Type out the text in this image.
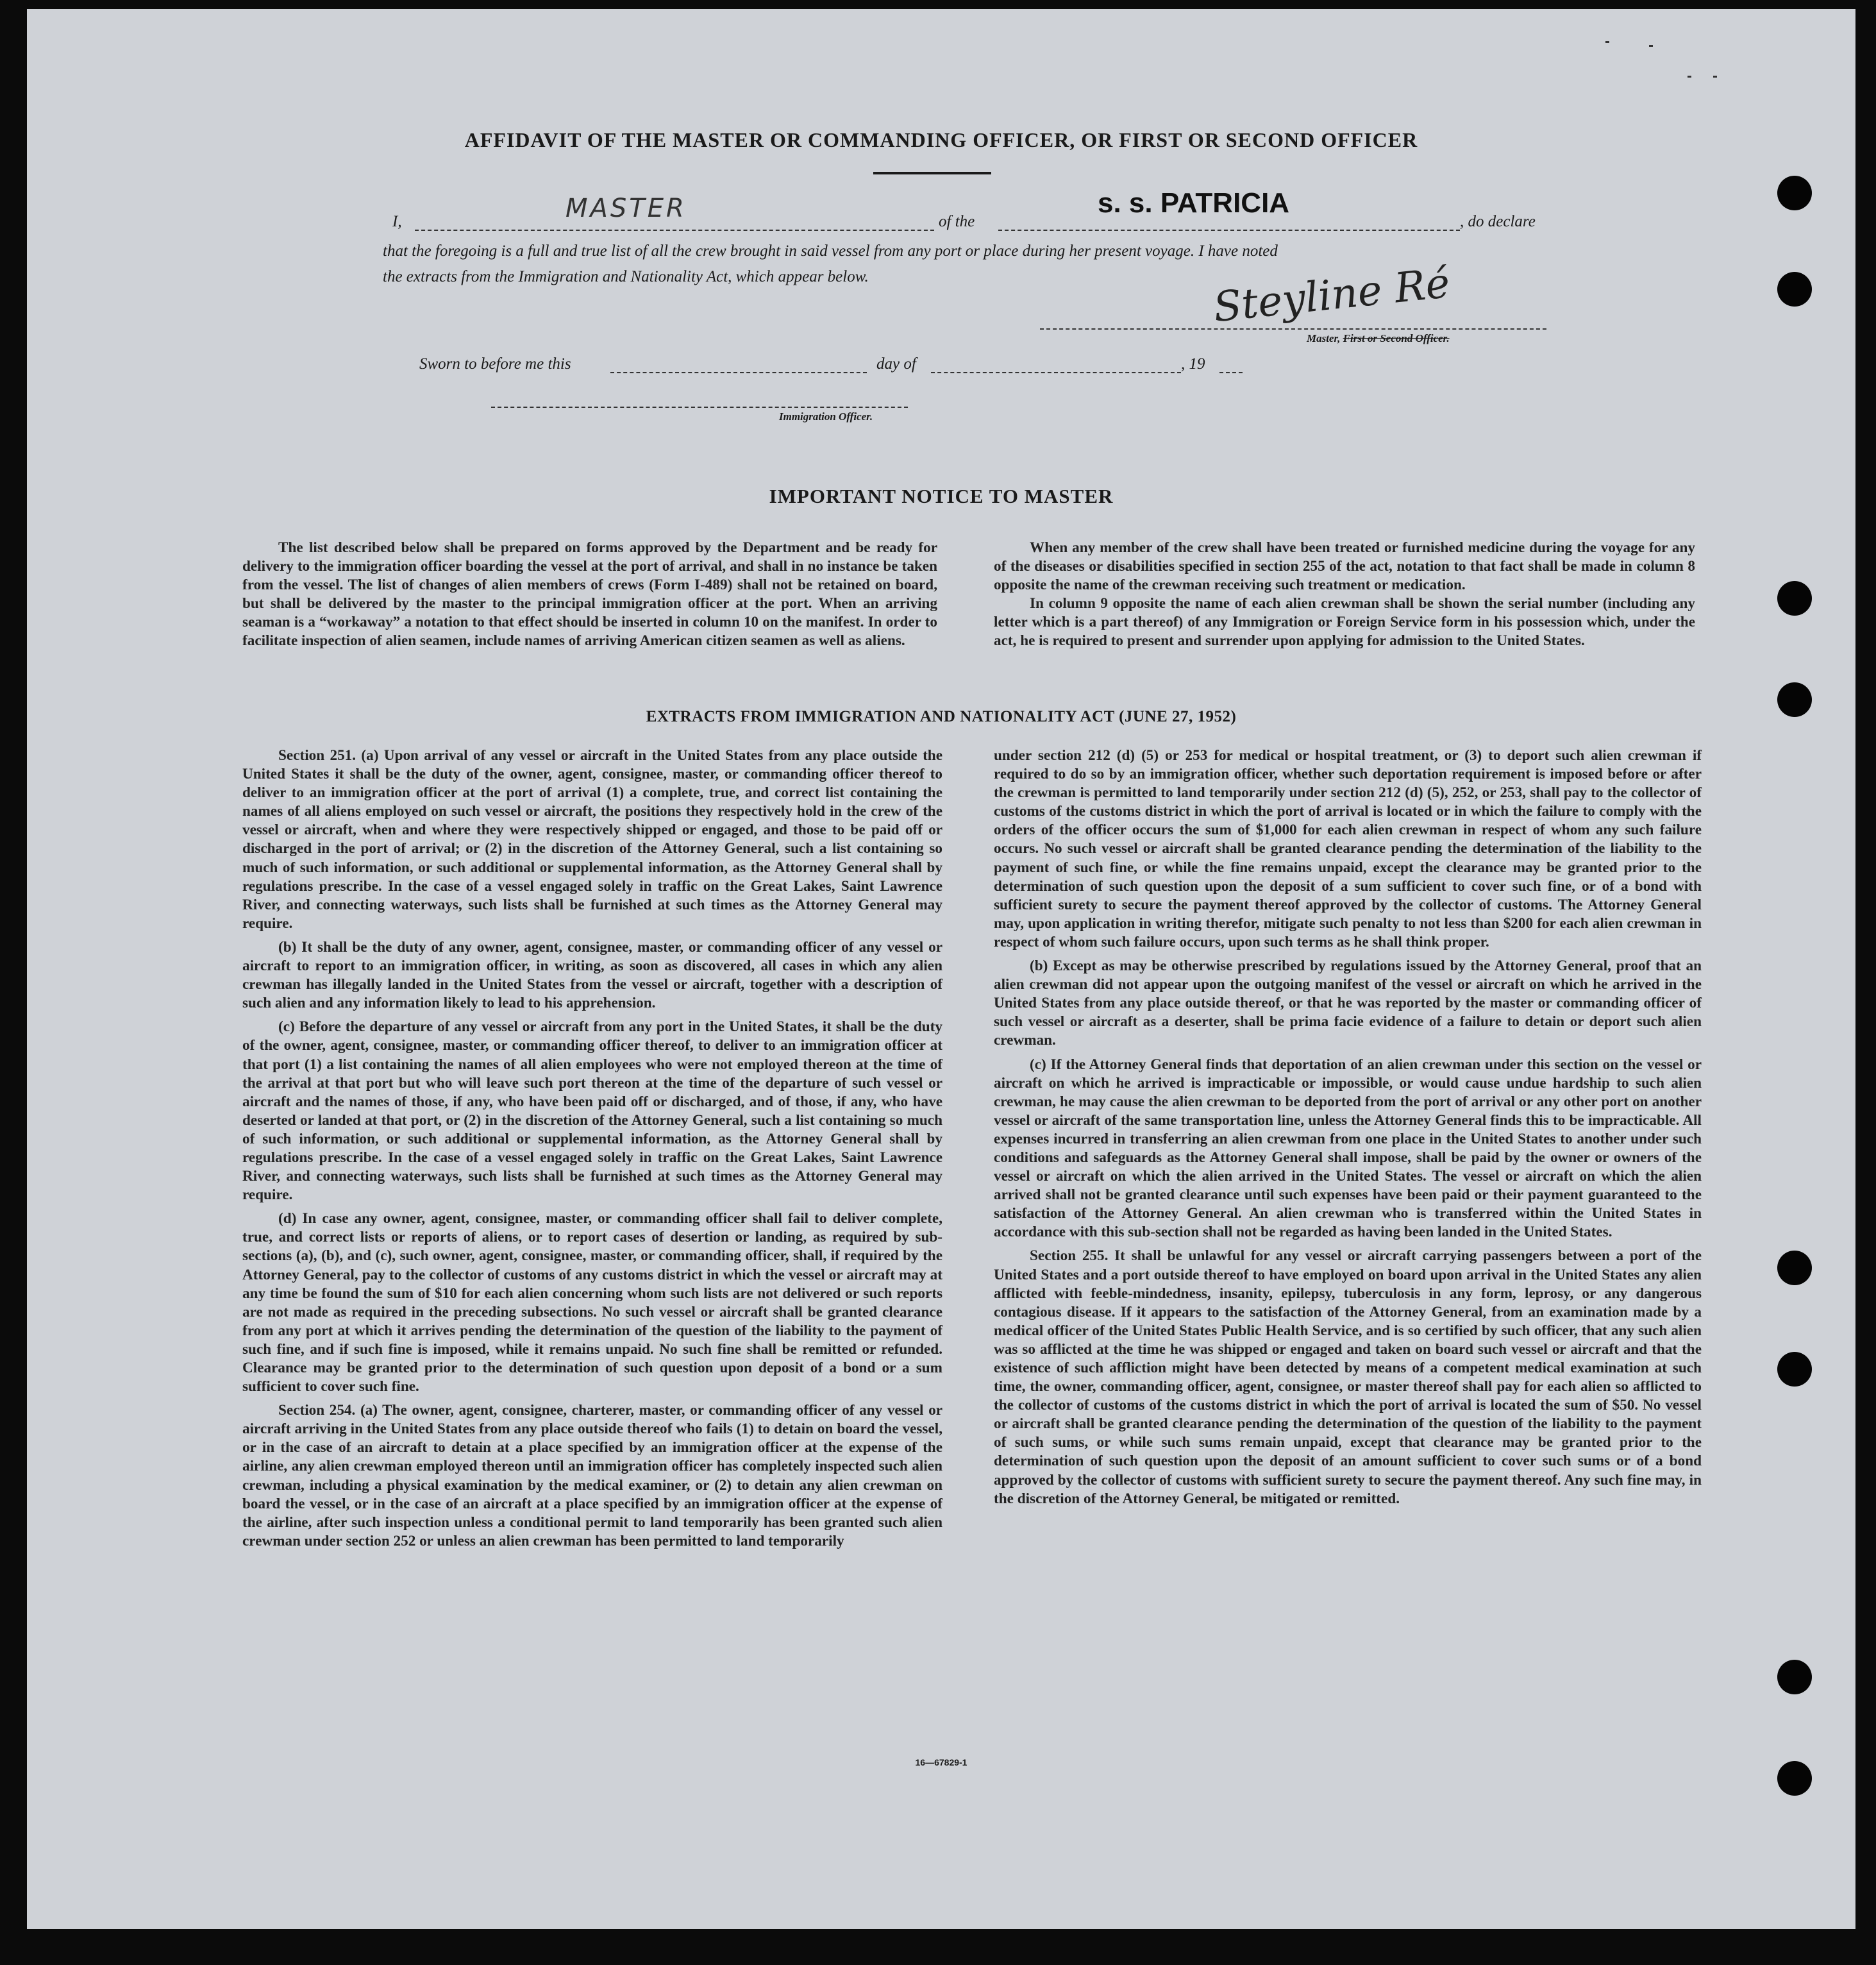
AFFIDAVIT OF THE MASTER OR COMMANDING OFFICER, OR FIRST OR SECOND OFFICER
I,	MASTER	of the
s. s. PATRICIA
, do declare
that the foregoing is a full and true list of all the crew brought in said vessel from any port or place during her present voyage. I have noted
the extracts from the Immigration and Nationality Act, which appear below.	Steyline Ré
Master, First or Second Officer.
Sworn to before me this	day of	, 19
Immigration Officer.
IMPORTANT NOTICE TO MASTER

The list described below shall be prepared on forms approved by the Department and be ready for delivery to the immigration officer boarding the vessel at the port of arrival, and shall in no instance be taken from the vessel. The list of changes of alien members of crews (Form I-489) shall not be retained on board, but shall be delivered by the master to the principal immigration officer at the port. When an arriving seaman is a “workaway” a notation to that effect should be inserted in column 10 on the manifest. In order to facilitate inspection of alien seamen, include names of arriving American citizen seamen as well as aliens.

When any member of the crew shall have been treated or furnished medicine during the voyage for any of the diseases or disabilities specified in section 255 of the act, notation to that fact shall be made in column 8 opposite the name of the crewman receiving such treatment or medication.

In column 9 opposite the name of each alien crewman shall be shown the serial number (including any letter which is a part thereof) of any Immigration or Foreign Service form in his possession which, under the act, he is required to present and surrender upon applying for admission to the United States.

EXTRACTS FROM IMMIGRATION AND NATIONALITY ACT (JUNE 27, 1952)

Section 251. (a) Upon arrival of any vessel or aircraft in the United States from any place outside the United States it shall be the duty of the owner, agent, consignee, master, or commanding officer thereof to deliver to an immigration officer at the port of arrival (1) a complete, true, and correct list containing the names of all aliens employed on such vessel or aircraft, the positions they respectively hold in the crew of the vessel or aircraft, when and where they were respectively shipped or engaged, and those to be paid off or discharged in the port of arrival; or (2) in the discretion of the Attorney General, such a list containing so much of such information, or such additional or supplemental information, as the Attorney General shall by regulations prescribe. In the case of a vessel engaged solely in traffic on the Great Lakes, Saint Lawrence River, and connecting waterways, such lists shall be furnished at such times as the Attorney General may require.

(b) It shall be the duty of any owner, agent, consignee, master, or commanding officer of any vessel or aircraft to report to an immigration officer, in writing, as soon as discovered, all cases in which any alien crewman has illegally landed in the United States from the vessel or aircraft, together with a description of such alien and any information likely to lead to his apprehension.

(c) Before the departure of any vessel or aircraft from any port in the United States, it shall be the duty of the owner, agent, consignee, master, or commanding officer thereof, to deliver to an immigration officer at that port (1) a list containing the names of all alien employees who were not employed thereon at the time of the arrival at that port but who will leave such port thereon at the time of the departure of such vessel or aircraft and the names of those, if any, who have been paid off or discharged, and of those, if any, who have deserted or landed at that port, or (2) in the discretion of the Attorney General, such a list containing so much of such information, or such additional or supplemental information, as the Attorney General shall by regulations prescribe. In the case of a vessel engaged solely in traffic on the Great Lakes, Saint Lawrence River, and connecting waterways, such lists shall be furnished at such times as the Attorney General may require.

(d) In case any owner, agent, consignee, master, or commanding officer shall fail to deliver complete, true, and correct lists or reports of aliens, or to report cases of desertion or landing, as required by sub-sections (a), (b), and (c), such owner, agent, consignee, master, or commanding officer, shall, if required by the Attorney General, pay to the collector of customs of any customs district in which the vessel or aircraft may at any time be found the sum of $10 for each alien concerning whom such lists are not delivered or such reports are not made as required in the preceding subsections. No such vessel or aircraft shall be granted clearance from any port at which it arrives pending the determination of the question of the liability to the payment of such fine, and if such fine is imposed, while it remains unpaid. No such fine shall be remitted or refunded. Clearance may be granted prior to the determination of such question upon deposit of a bond or a sum sufficient to cover such fine.

Section 254. (a) The owner, agent, consignee, charterer, master, or commanding officer of any vessel or aircraft arriving in the United States from any place outside thereof who fails (1) to detain on board the vessel, or in the case of an aircraft to detain at a place specified by an immigration officer at the expense of the airline, any alien crewman employed thereon until an immigration officer has completely inspected such alien crewman, including a physical examination by the medical examiner, or (2) to detain any alien crewman on board the vessel, or in the case of an aircraft at a place specified by an immigration officer at the expense of the airline, after such inspection unless a conditional permit to land temporarily has been granted such alien crewman under section 252 or unless an alien crewman has been permitted to land temporarily

under section 212 (d) (5) or 253 for medical or hospital treatment, or (3) to deport such alien crewman if required to do so by an immigration officer, whether such deportation requirement is imposed before or after the crewman is permitted to land temporarily under section 212 (d) (5), 252, or 253, shall pay to the collector of customs of the customs district in which the port of arrival is located or in which the failure to comply with the orders of the officer occurs the sum of $1,000 for each alien crewman in respect of whom any such failure occurs. No such vessel or aircraft shall be granted clearance pending the determination of the liability to the payment of such fine, or while the fine remains unpaid, except the clearance may be granted prior to the determination of such question upon the deposit of a sum sufficient to cover such fine, or of a bond with sufficient surety to secure the payment thereof approved by the collector of customs. The Attorney General may, upon application in writing therefor, mitigate such penalty to not less than $200 for each alien crewman in respect of whom such failure occurs, upon such terms as he shall think proper.

(b) Except as may be otherwise prescribed by regulations issued by the Attorney General, proof that an alien crewman did not appear upon the outgoing manifest of the vessel or aircraft on which he arrived in the United States from any place outside thereof, or that he was reported by the master or commanding officer of such vessel or aircraft as a deserter, shall be prima facie evidence of a failure to detain or deport such alien crewman.

(c) If the Attorney General finds that deportation of an alien crewman under this section on the vessel or aircraft on which he arrived is impracticable or impossible, or would cause undue hardship to such alien crewman, he may cause the alien crewman to be deported from the port of arrival or any other port on another vessel or aircraft of the same transportation line, unless the Attorney General finds this to be impracticable. All expenses incurred in transferring an alien crewman from one place in the United States to another under such conditions and safeguards as the Attorney General shall impose, shall be paid by the owner or owners of the vessel or aircraft on which the alien arrived in the United States. The vessel or aircraft on which the alien arrived shall not be granted clearance until such expenses have been paid or their payment guaranteed to the satisfaction of the Attorney General. An alien crewman who is transferred within the United States in accordance with this sub-section shall not be regarded as having been landed in the United States.

Section 255. It shall be unlawful for any vessel or aircraft carrying passengers between a port of the United States and a port outside thereof to have employed on board upon arrival in the United States any alien afflicted with feeble-mindedness, insanity, epilepsy, tuberculosis in any form, leprosy, or any dangerous contagious disease. If it appears to the satisfaction of the Attorney General, from an examination made by a medical officer of the United States Public Health Service, and is so certified by such officer, that any such alien was so afflicted at the time he was shipped or engaged and taken on board such vessel or aircraft and that the existence of such affliction might have been detected by means of a competent medical examination at such time, the owner, commanding officer, agent, consignee, or master thereof shall pay for each alien so afflicted to the collector of customs of the customs district in which the port of arrival is located the sum of $50. No vessel or aircraft shall be granted clearance pending the determination of the question of the liability to the payment of such sums, or while such sums remain unpaid, except that clearance may be granted prior to the determination of such question upon the deposit of an amount sufficient to cover such sums or of a bond approved by the collector of customs with sufficient surety to secure the payment thereof. Any such fine may, in the discretion of the Attorney General, be mitigated or remitted.

16—67829-1
